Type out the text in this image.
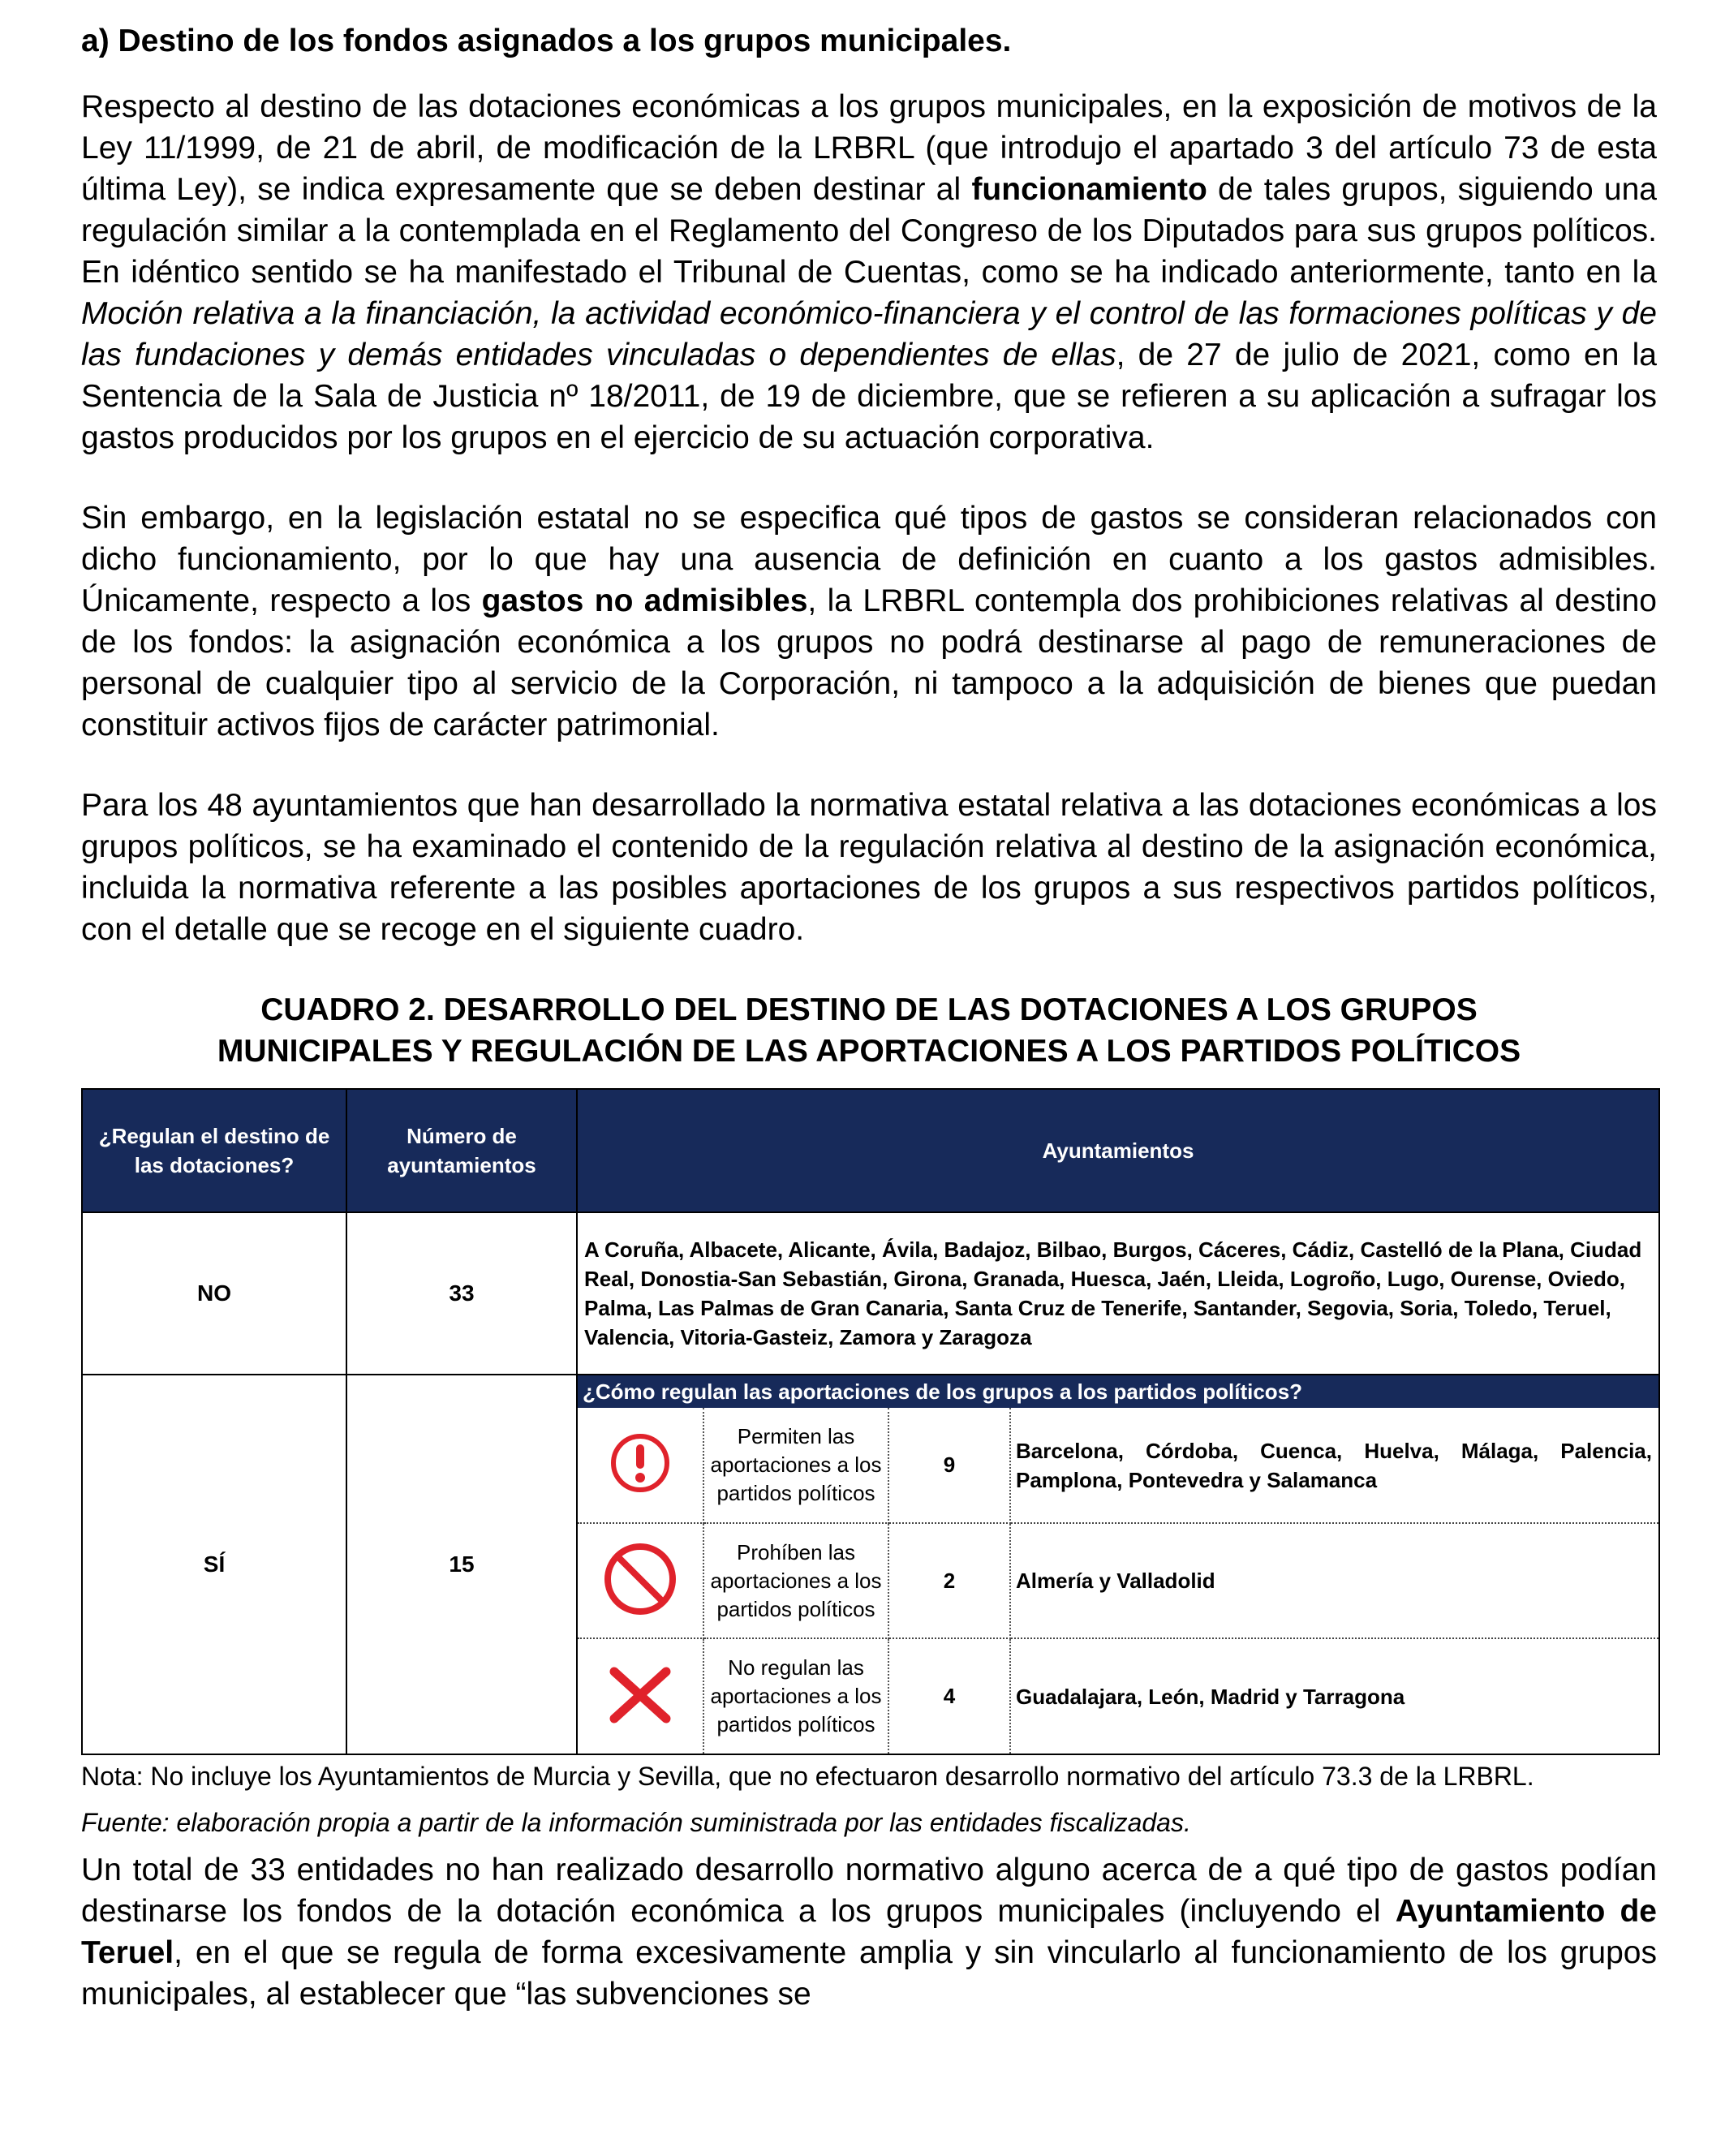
a) Destino de los fondos asignados a los grupos municipales.

Respecto al destino de las dotaciones económicas a los grupos municipales, en la exposición de motivos de la Ley 11/1999, de 21 de abril, de modificación de la LRBRL (que introdujo el apartado 3 del artículo 73 de esta última Ley), se indica expresamente que se deben destinar al funcionamiento de tales grupos, siguiendo una regulación similar a la contemplada en el Reglamento del Congreso de los Diputados para sus grupos políticos. En idéntico sentido se ha manifestado el Tribunal de Cuentas, como se ha indicado anteriormente, tanto en la Moción relativa a la financiación, la actividad económico-financiera y el control de las formaciones políticas y de las fundaciones y demás entidades vinculadas o dependientes de ellas, de 27 de julio de 2021, como en la Sentencia de la Sala de Justicia nº 18/2011, de 19 de diciembre, que se refieren a su aplicación a sufragar los gastos producidos por los grupos en el ejercicio de su actuación corporativa.

Sin embargo, en la legislación estatal no se especifica qué tipos de gastos se consideran relacionados con dicho funcionamiento, por lo que hay una ausencia de definición en cuanto a los gastos admisibles. Únicamente, respecto a los gastos no admisibles, la LRBRL contempla dos prohibiciones relativas al destino de los fondos: la asignación económica a los grupos no podrá destinarse al pago de remuneraciones de personal de cualquier tipo al servicio de la Corporación, ni tampoco a la adquisición de bienes que puedan constituir activos fijos de carácter patrimonial.

Para los 48 ayuntamientos que han desarrollado la normativa estatal relativa a las dotaciones económicas a los grupos políticos, se ha examinado el contenido de la regulación relativa al destino de la asignación económica, incluida la normativa referente a las posibles aportaciones de los grupos a sus respectivos partidos políticos, con el detalle que se recoge en el siguiente cuadro.

CUADRO 2. DESARROLLO DEL DESTINO DE LAS DOTACIONES A LOS GRUPOS
MUNICIPALES Y REGULACIÓN DE LAS APORTACIONES A LOS PARTIDOS POLÍTICOS
¿Regulan el destino de las dotaciones?	Número de ayuntamientos	Ayuntamientos
NO	33	A Coruña, Albacete, Alicante, Ávila, Badajoz, Bilbao, Burgos, Cáceres, Cádiz, Castelló de la Plana, Ciudad Real, Donostia-San Sebastián, Girona, Granada, Huesca, Jaén, Lleida, Logroño, Lugo, Ourense, Oviedo, Palma, Las Palmas de Gran Canaria, Santa Cruz de Tenerife, Santander, Segovia, Soria, Toledo, Teruel, Valencia, Vitoria-Gasteiz, Zamora y Zaragoza
SÍ	15	
¿Cómo regulan las aportaciones de los grupos a los partidos políticos?
	Permiten las aportaciones a los partidos políticos	9	Barcelona, Córdoba, Cuenca, Huelva, Málaga, Palencia, Pamplona, Pontevedra y Salamanca
	Prohíben las aportaciones a los partidos políticos	2	Almería y Valladolid
	No regulan las aportaciones a los partidos políticos	4	Guadalajara, León, Madrid y Tarragona

Nota: No incluye los Ayuntamientos de Murcia y Sevilla, que no efectuaron desarrollo normativo del artículo 73.3 de la LRBRL.

Fuente: elaboración propia a partir de la información suministrada por las entidades fiscalizadas.

Un total de 33 entidades no han realizado desarrollo normativo alguno acerca de a qué tipo de gastos podían destinarse los fondos de la dotación económica a los grupos municipales (incluyendo el Ayuntamiento de Teruel, en el que se regula de forma excesivamente amplia y sin vincularlo al funcionamiento de los grupos municipales, al establecer que “las subvenciones se
